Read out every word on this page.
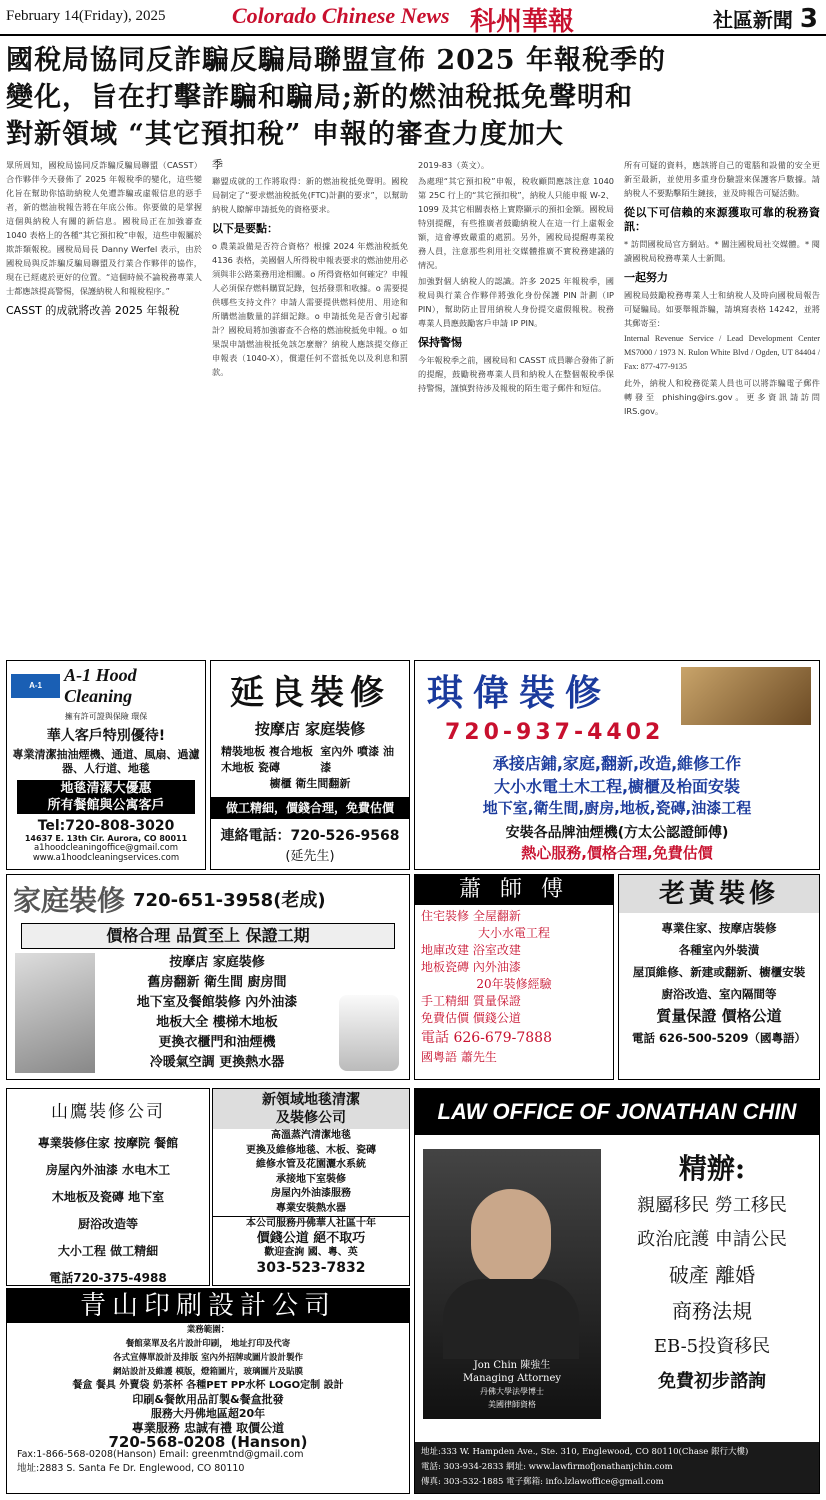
February 14(Friday), 2025	Colorado Chinese News 科州華報	社區新聞 3
國稅局協同反詐騙反騙局聯盟宣佈 2025 年報稅季的
變化，旨在打擊詐騙和騙局;新的燃油稅抵免聲明和
對新領域 “其它預扣稅” 申報的審查力度加大

眾所周知，國稅局協同反詐騙反騙局聯盟（CASST）合作夥伴今天發佈了 2025 年報稅季的變化，這些變化旨在幫助你協助納稅人免遭詐騙或虛報信息的惡手者，新的燃油稅報告將在年底公佈。你要做的是掌握這個與納稅人有關的新信息。國稅局正在加強審查 1040 表格上的各種“其它預扣稅”申報，這些申報屬於欺詐類報稅。國稅局局長 Danny Werfel 表示，由於國稅局與反詐騙反騙局聯盟及行業合作夥伴的協作，現在已經處於更好的位置。“這個時候不論稅務專業人士都應該提高警惕，保護納稅人和報稅程序。”

CASST 的成就將改善 2025 年報稅

季

聯盟成就的工作將取得：新的燃油稅抵免聲明。國稅局制定了“要求燃油稅抵免(FTC)計劃的要求”，以幫助納稅人瞭解申請抵免的資格要求。

以下是要點：

o 農業設備是否符合資格？根據 2024 年燃油稅抵免 4136 表格，美國個人所得稅申報表要求的燃油使用必須與非公路業務用途相關。o 所得資格如何確定？申報人必須保存燃料購買記錄，包括發票和收據。o 需要提供哪些支持文件？申請人需要提供燃料使用、用途和所購燃油數量的詳細記錄。o 申請抵免是否會引起審計？國稅局將加強審查不合格的燃油稅抵免申報。o 如果誤申請燃油稅抵免該怎麼辦？納稅人應該提交修正申報表（1040-X），償還任何不當抵免以及利息和罰款。

2019-83（英文）。

為處理“其它預扣稅”申報，稅收顧問應該注意 1040 第 25C 行上的“其它預扣稅”，納稅人只能申報 W-2、1099 及其它相關表格上實際顯示的預扣金額。國稅局特別提醒，有些推廣者鼓勵納稅人在這一行上虛報金額，這會導致嚴重的處罰。另外，國稅局提醒專業稅務人員，注意那些利用社交媒體推廣不實稅務建議的情況。

加強對個人納稅人的認識。許多 2025 年報稅季，國稅局與行業合作夥伴將強化身份保護 PIN 計劃（IP PIN），幫助防止冒用納稅人身份提交虛假報稅。稅務專業人員應鼓勵客戶申請 IP PIN。

保持警惕

今年報稅季之前，國稅局和 CASST 成員聯合發佈了新的提醒，鼓勵稅務專業人員和納稅人在整個報稅季保持警惕，謹慎對待涉及報稅的陌生電子郵件和短信。

所有可疑的資料，應該將自己的電腦和設備的安全更新至最新，並使用多重身份驗證來保護客戶數據。請納稅人不要點擊陌生鏈接，並及時報告可疑活動。

從以下可信賴的來源獲取可靠的稅務資訊：

* 訪問國稅局官方網站。* 關注國稅局社交媒體。* 閱讀國稅局稅務專業人士新聞。

一起努力

國稅局鼓勵稅務專業人士和納稅人及時向國稅局報告可疑騙局。如要舉報詐騙，請填寫表格 14242，並將其郵寄至：

Internal Revenue Service / Lead Development Center MS7000 / 1973 N. Rulon White Blvd / Ogden, UT 84404 / Fax: 877-477-9135

此外，納稅人和稅務從業人員也可以將詐騙電子郵件轉發至 phishing@irs.gov。更多資訊請訪問 IRS.gov。

A-1
A-1 Hood Cleaning
擁有許可證與保險 環保
華人客戶特別優待!
專業清潔抽油煙機、通道、風扇、過濾器、人行道、地毯
地毯清潔大優惠
所有餐館與公寓客戶
Tel:720-808-3020
14637 E. 13th Cir. Aurora, CO 80011
a1hoodcleaningoffice@gmail.com
www.a1hoodcleaningservices.com
延良裝修
按摩店 家庭裝修
精裝地板 複合地板 木地板 瓷磚
室內外 噴漆 油漆
櫥櫃 衛生間翻新
做工精細，價錢合理，免費估價
連絡電話：720-526-9568
(延先生)
琪偉裝修
720-937-4402
承接店鋪,家庭,翻新,改造,維修工作
大小水電土木工程,櫥櫃及枱面安裝
地下室,衛生間,廚房,地板,瓷磚,油漆工程
安裝各品牌油煙機(方太公認證師傅)
熱心服務,價格合理,免費估價
家庭裝修 720-651-3958(老成)
價格合理 品質至上 保證工期
按摩店 家庭裝修
舊房翻新 衛生間 廚房間
地下室及餐館裝修 內外油漆
地板大全 樓梯木地板
更換衣櫃門和油煙機
冷暖氣空調 更換熱水器
蕭 師 傅
住宅裝修 全屋翻新
大小水電工程
地庫改建 浴室改建
地板瓷磚 內外油漆
20年裝修經驗
手工精細 質量保證
免費估價 價錢公道
電話 626-679-7888
國粵語 蕭先生
老黃裝修
專業住家、按摩店裝修
各種室內外裝潢
屋頂維修、新建或翻新、櫥櫃安裝
廚浴改造、室內隔間等
質量保證 價格公道
電話 626-500-5209（國粵語）
山鷹裝修公司
專業裝修住家 按摩院 餐館
房屋內外油漆 水电木工
木地板及瓷磚 地下室
厨浴改造等
大小工程 做工精細
電話720-375-4988
新領域地毯清潔
及裝修公司
高溫蒸汽清潔地毯
更換及維修地毯、木板、瓷磚
維修水管及花園灑水系統
承接地下室裝修
房屋內外油漆服務
專業安裝熱水器
本公司服務丹佛華人社區十年
價錢公道 絕不取巧
歡迎查詢 國、粵、英
303-523-7832
青山印刷設計公司
業務範圍：
餐館菜單及名片設計印刷， 地址打印及代寄
各式宣傳單設計及排版 室內外招牌或圖片設計製作
網站設計及維護 模版，燈箱圖片，玻璃圖片及貼膜
餐盒 餐具 外賣袋 奶茶杯 各種PET PP水杯 LOGO定制 設計
印刷&餐飲用品訂製&餐盒批發
服務大丹佛地區超20年
專業服務 忠誠有禮 取價公道
720-568-0208 (Hanson)
Fax:1-866-568-0208(Hanson) Email: greenmtnd@gmail.com
地址:2883 S. Santa Fe Dr. Englewood, CO 80110
LAW OFFICE OF JONATHAN CHIN
Jon Chin 陳強生
Managing Attorney
丹佛大學法學博士
美國律師資格
精辦:
親屬移民 勞工移民
政治庇護 申請公民
破產 離婚
商務法規
EB-5投資移民
免費初步諮詢
地址:333 W. Hampden Ave., Ste. 310, Englewood, CO 80110(Chase 銀行大樓)
電話: 303-934-2833 網址: www.lawfirmofjonathanjchin.com
傳真: 303-532-1885 電子郵箱: info.lzlawoffice@gmail.com
